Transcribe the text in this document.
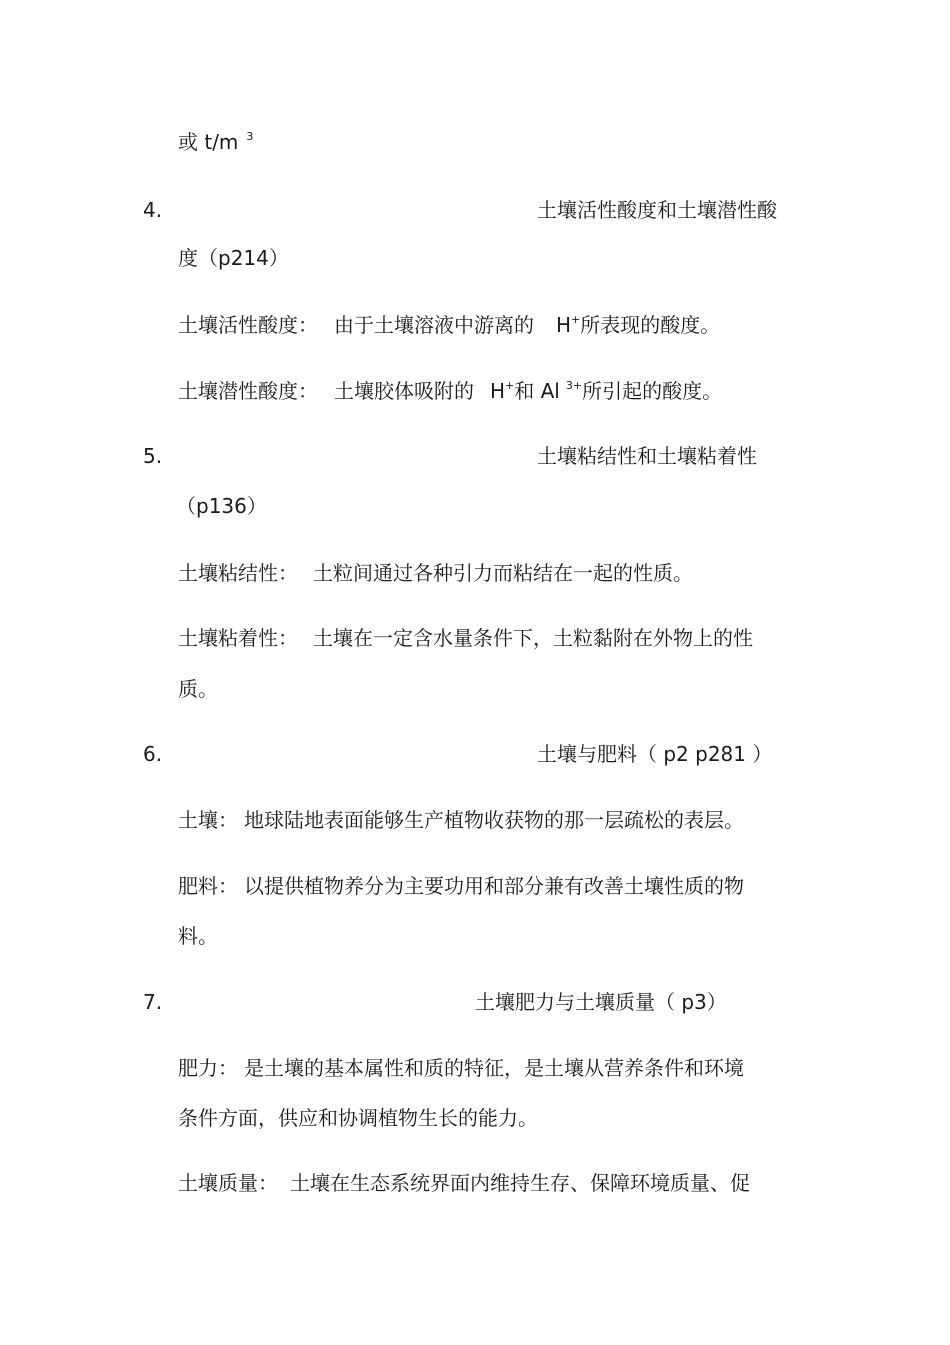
或 t/m $^3$
4.	土壤活性酸度和土壤潜性酸
度（p214）
土壤活性酸度： 由于土壤溶液中游离的 H+所表现的酸度。
土壤潜性酸度： 土壤胶体吸附的 H+和 Al $^{3+}$所引起的酸度。
5.	土壤粘结性和土壤粘着性
（p136）
土壤粘结性： 土粒间通过各种引力而粘结在一起的性质。
土壤粘着性： 土壤在一定含水量条件下，土粒黏附在外物上的性
质。
6.	土壤与肥料（ p2 p281 ）
土壤： 地球陆地表面能够生产植物收获物的那一层疏松的表层。
肥料： 以提供植物养分为主要功用和部分兼有改善土壤性质的物
料。
7.	土壤肥力与土壤质量（ p3）
肥力： 是土壤的基本属性和质的特征，是土壤从营养条件和环境
条件方面，供应和协调植物生长的能力。
土壤质量： 土壤在生态系统界面内维持生存、保障环境质量、促
